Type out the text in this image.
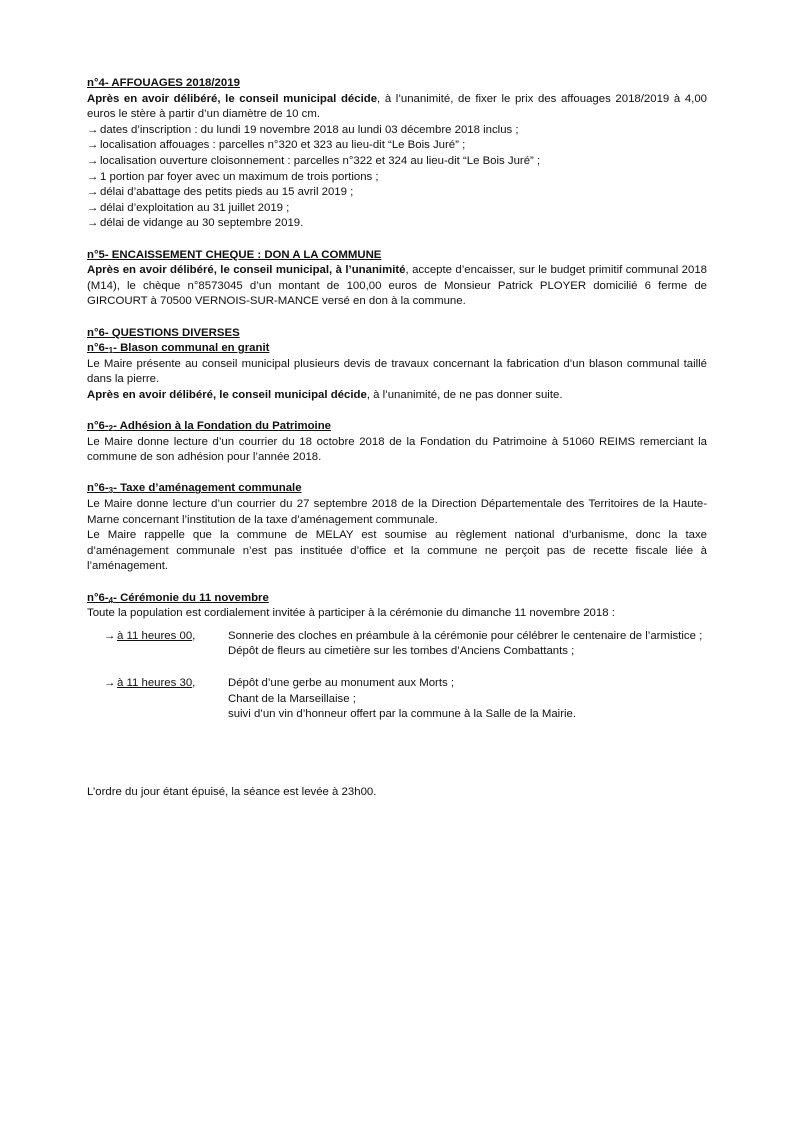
n°4- AFFOUAGES 2018/2019

Après en avoir délibéré, le conseil municipal décide, à l’unanimité, de fixer le prix des affouages 2018/2019 à 4,00 euros le stère à partir d’un diamètre de 10 cm.

→ dates d’inscription : du lundi 19 novembre 2018 au lundi 03 décembre 2018 inclus ;

→ localisation affouages : parcelles n°320 et 323 au lieu-dit “Le Bois Juré” ;

→ localisation ouverture cloisonnement : parcelles n°322 et 324 au lieu-dit “Le Bois Juré” ;

→ 1 portion par foyer avec un maximum de trois portions ;

→ délai d’abattage des petits pieds au 15 avril 2019 ;

→ délai d’exploitation au 31 juillet 2019 ;

→ délai de vidange au 30 septembre 2019.

n°5- ENCAISSEMENT CHEQUE : DON A LA COMMUNE

Après en avoir délibéré, le conseil municipal, à l’unanimité, accepte d’encaisser, sur le budget primitif communal 2018 (M14), le chèque n°8573045 d’un montant de 100,00 euros de Monsieur Patrick PLOYER domicilié 6 ferme de GIRCOURT à 70500 VERNOIS-SUR-MANCE versé en don à la commune.

n°6- QUESTIONS DIVERSES
n°6-1- Blason communal en granit

Le Maire présente au conseil municipal plusieurs devis de travaux concernant la fabrication d’un blason communal taillé dans la pierre.

Après en avoir délibéré, le conseil municipal décide, à l’unanimité, de ne pas donner suite.

n°6-2- Adhésion à la Fondation du Patrimoine

Le Maire donne lecture d’un courrier du 18 octobre 2018 de la Fondation du Patrimoine à 51060 REIMS remerciant la commune de son adhésion pour l’année 2018.

n°6-3- Taxe d’aménagement communale

Le Maire donne lecture d’un courrier du 27 septembre 2018 de la Direction Départementale des Territoires de la Haute-Marne concernant l’institution de la taxe d’aménagement communale.

Le Maire rappelle que la commune de MELAY est soumise au règlement national d’urbanisme, donc la taxe d’aménagement communale n’est pas instituée d’office et la commune ne perçoit pas de recette fiscale liée à l’aménagement.

n°6-4- Cérémonie du 11 novembre

Toute la population est cordialement invitée à participer à la cérémonie du dimanche 11 novembre 2018 :

→ à 11 heures 00,	Sonnerie des cloches en préambule à la cérémonie pour célébrer le centenaire de l’armistice ;
Dépôt de fleurs au cimetière sur les tombes d’Anciens Combattants ;
→ à 11 heures 30,	Dépôt d’une gerbe au monument aux Morts ;
Chant de la Marseillaise ;
suivi d’un vin d’honneur offert par la commune à la Salle de la Mairie.

L’ordre du jour étant épuisé, la séance est levée à 23h00.
